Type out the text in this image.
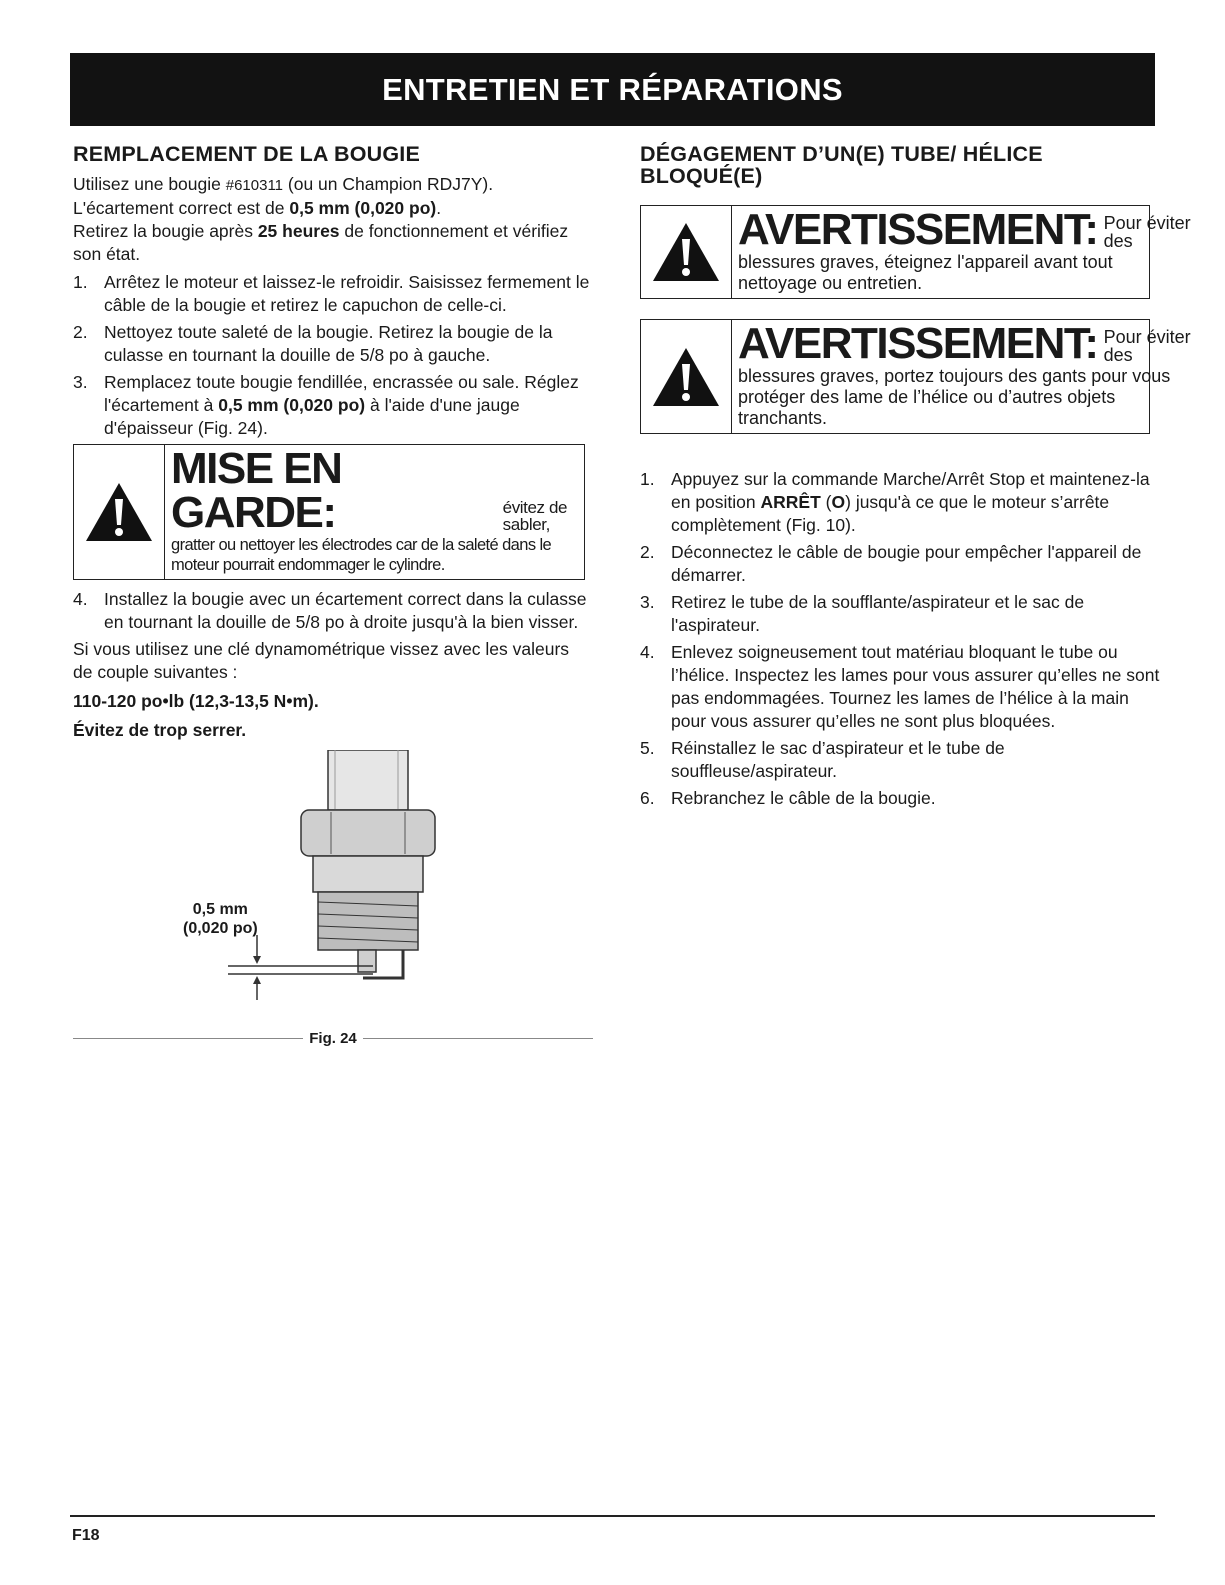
ENTRETIEN ET RÉPARATIONS
REMPLACEMENT DE LA BOUGIE

Utilisez une bougie #610311 (ou un Champion RDJ7Y).

L'écartement correct est de 0,5 mm (0,020 po).

Retirez la bougie après 25 heures de fonctionnement et vérifiez son état.

1. Arrêtez le moteur et laissez-le refroidir. Saisissez fermement le câble de la bougie et retirez le capuchon de celle-ci.
2. Nettoyez toute saleté de la bougie. Retirez la bougie de la culasse en tournant la douille de 5/8 po à gauche.
3. Remplacez toute bougie fendillée, encrassée ou sale. Réglez l'écartement à 0,5 mm (0,020 po) à l'aide d'une jauge d'épaisseur (Fig. 24).
MISE EN GARDE:	évitez de sabler,
gratter ou nettoyer les électrodes car de la saleté dans le moteur pourrait endommager le cylindre.
4. Installez la bougie avec un écartement correct dans la culasse en tournant la douille de 5/8 po à droite jusqu'à la bien visser.

Si vous utilisez une clé dynamométrique vissez avec les valeurs de couple suivantes :

110-120 po•lb (12,3-13,5 N•m).

Évitez de trop serrer.

0,5 mm
(0,020 po)
Fig. 24
DÉGAGEMENT D’UN(E) TUBE/ HÉLICE
BLOQUÉ(E)
AVERTISSEMENT: Pour éviter des
blessures graves, éteignez l'appareil avant tout nettoyage ou entretien.
AVERTISSEMENT: Pour éviter des
blessures graves, portez toujours des gants pour vous protéger des lame de l’hélice ou d’autres objets tranchants.
1. Appuyez sur la commande Marche/Arrêt Stop et maintenez-la en position ARRÊT (O) jusqu'à ce que le moteur s’arrête complètement (Fig. 10).
2. Déconnectez le câble de bougie pour empêcher l'appareil de démarrer.
3. Retirez le tube de la soufflante/aspirateur et le sac de l'aspirateur.
4. Enlevez soigneusement tout matériau bloquant le tube ou l’hélice. Inspectez les lames pour vous assurer qu’elles ne sont pas endommagées. Tournez les lames de l’hélice à la main pour vous assurer qu’elles ne sont plus bloquées.
5. Réinstallez le sac d’aspirateur et le tube de souffleuse/aspirateur.
6. Rebranchez le câble de la bougie.
F18
